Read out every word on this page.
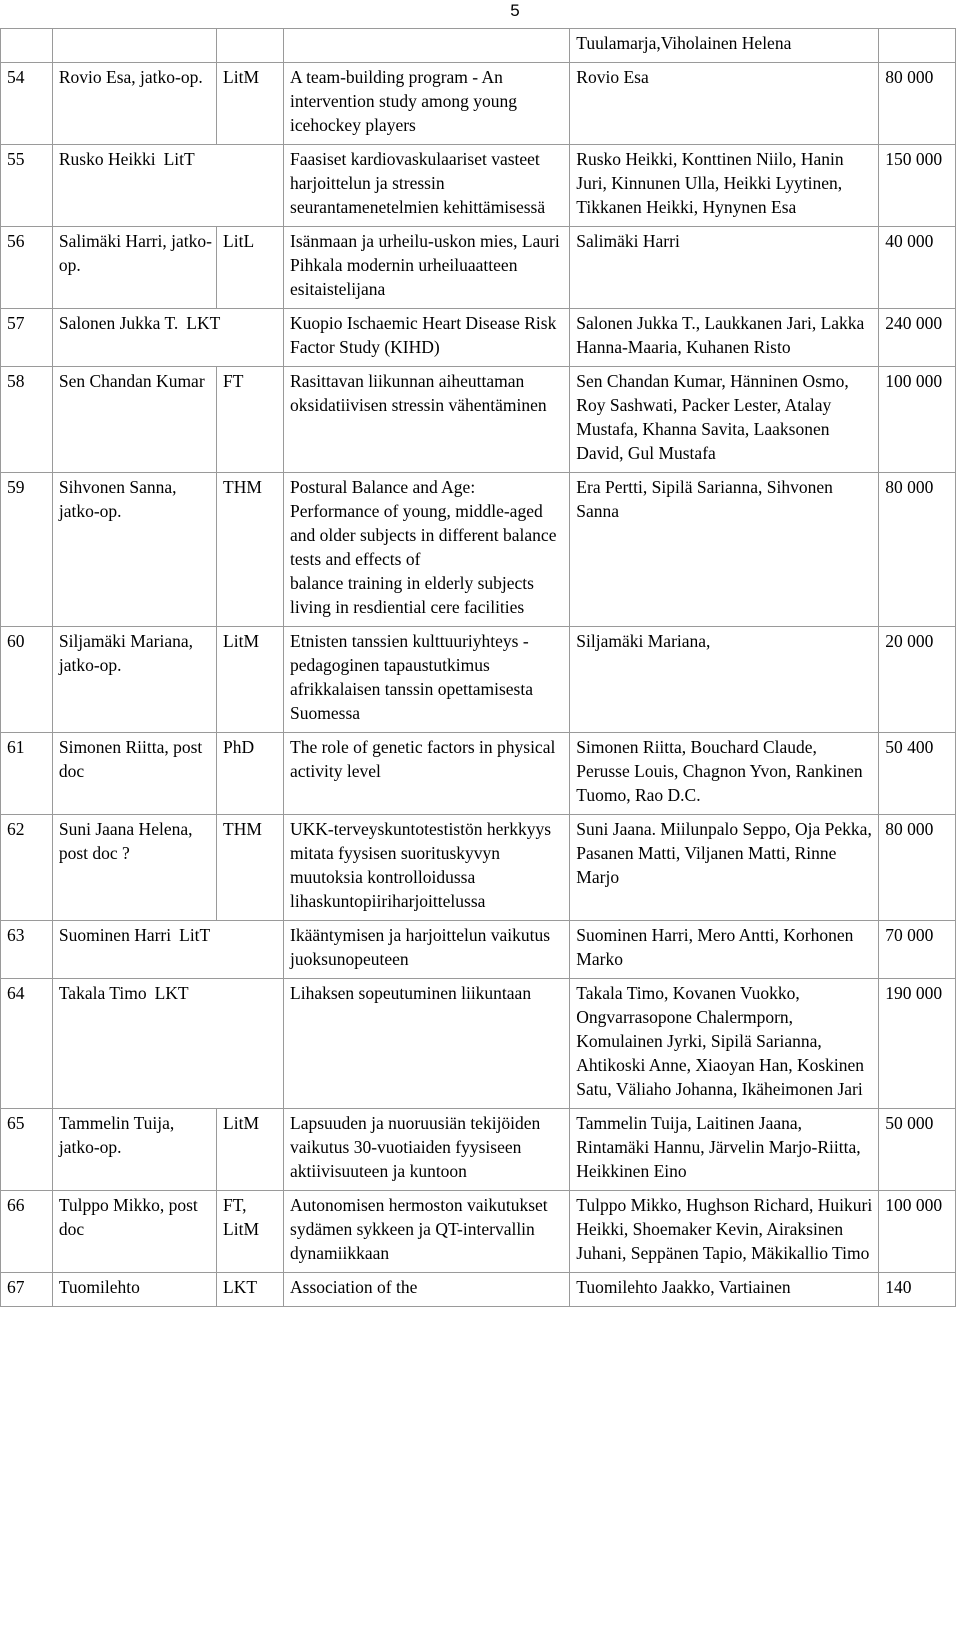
5
				Tuulamarja,Viholainen Helena	
54	Rovio Esa, jatko-op.	LitM	A team-building program - An intervention study among young icehockey players	Rovio Esa	80 000
55	Rusko Heikki LitT		Faasiset kardiovaskulaariset vasteet harjoittelun ja stressin seurantamenetelmien kehittämisessä	Rusko Heikki, Konttinen Niilo, Hanin Juri, Kinnunen Ulla, Heikki Lyytinen, Tikkanen Heikki, Hynynen Esa	150 000
56	Salimäki Harri, jatko-op.	LitL	Isänmaan ja urheilu-uskon mies, Lauri Pihkala modernin urheiluaatteen esitaistelijana	Salimäki Harri	40 000
57	Salonen Jukka T. LKT		Kuopio Ischaemic Heart Disease Risk Factor Study (KIHD)	Salonen Jukka T., Laukkanen Jari, Lakka Hanna-Maaria, Kuhanen Risto	240 000
58	Sen Chandan Kumar	FT	Rasittavan liikunnan aiheuttaman oksidatiivisen stressin vähentäminen	Sen Chandan Kumar, Hänninen Osmo, Roy Sashwati, Packer Lester, Atalay Mustafa, Khanna Savita, Laaksonen David, Gul Mustafa	100 000
59	Sihvonen Sanna, jatko-op.	THM	Postural Balance and Age: Performance of young, middle-aged and older subjects in different balance tests and effects of
balance training in elderly subjects living in resdiential cere facilities	Era Pertti, Sipilä Sarianna, Sihvonen Sanna	80 000
60	Siljamäki Mariana, jatko-op.	LitM	Etnisten tanssien kulttuuriyhteys - pedagoginen tapaustutkimus afrikkalaisen tanssin opettamisesta Suomessa	Siljamäki Mariana,	20 000
61	Simonen Riitta, post doc	PhD	The role of genetic factors in physical activity level	Simonen Riitta, Bouchard Claude, Perusse Louis, Chagnon Yvon, Rankinen Tuomo, Rao D.C.	50 400
62	Suni Jaana Helena, post doc ?	THM	UKK-terveyskuntotestistön herkkyys mitata fyysisen suorituskyvyn muutoksia kontrolloidussa lihaskuntopiiriharjoittelussa	Suni Jaana. Miilunpalo Seppo, Oja Pekka, Pasanen Matti, Viljanen Matti, Rinne Marjo	80 000
63	Suominen Harri LitT		Ikääntymisen ja harjoittelun vaikutus juoksunopeuteen	Suominen Harri, Mero Antti, Korhonen Marko	70 000
64	Takala Timo LKT		Lihaksen sopeutuminen liikuntaan	Takala Timo, Kovanen Vuokko, Ongvarrasopone Chalermporn, Komulainen Jyrki, Sipilä Sarianna, Ahtikoski Anne, Xiaoyan Han, Koskinen Satu, Väliaho Johanna, Ikäheimonen Jari	190 000
65	Tammelin Tuija, jatko-op.	LitM	Lapsuuden ja nuoruusiän tekijöiden vaikutus 30-vuotiaiden fyysiseen aktiivisuuteen ja kuntoon	Tammelin Tuija, Laitinen Jaana, Rintamäki Hannu, Järvelin Marjo-Riitta, Heikkinen Eino	50 000
66	Tulppo Mikko, post doc	FT, LitM	Autonomisen hermoston vaikutukset sydämen sykkeen ja QT-intervallin dynamiikkaan	Tulppo Mikko, Hughson Richard, Huikuri Heikki, Shoemaker Kevin, Airaksinen Juhani, Seppänen Tapio, Mäkikallio Timo	100 000
67	Tuomilehto	LKT	Association of the	Tuomilehto Jaakko, Vartiainen	140
